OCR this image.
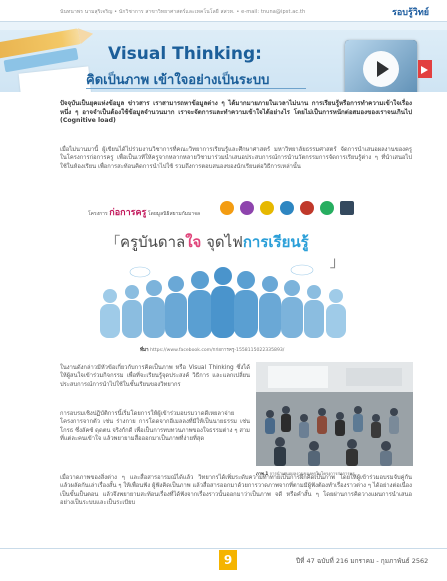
นันทนาพร นามสุริเจริญ • นักวิชาการ สาขาวิทยาศาสตร์และเทคโนโลยี สสวท. • e-mail: tnuna@ipst.ac.th	รอบรู้วิทย์
Visual Thinking:
คิดเป็นภาพ เข้าใจอย่างเป็นระบบ
ปัจจุบันเป็นยุคแห่งข้อมูล ข่าวสาร เราสามารถหาข้อมูลต่าง ๆ ได้มากมายภายในเวลาไม่นาน การเรียนรู้หรือการทำความเข้าใจเรื่องหนึ่ง ๆ อาจจำเป็นต้องใช้ข้อมูลจำนวนมาก เราจะจัดการและทำความเข้าใจได้อย่างไร โดยไม่เป็นการหนักต่อสมองของเราจนเกินไป (Cognitive load)
เมื่อไม่นานมานี้ ผู้เขียนได้ไปร่วมงานวิชาการที่คณะวิทยาการเรียนรู้และศึกษาศาสตร์ มหาวิทยาลัยธรรมศาสตร์ จัดการนำเสนอผลงานของครูในโครงการก่อการครู เพื่อเป็นเวทีให้ครูจากหลากหลายวิชามาร่วมนำเสนอประสบการณ์การนำนวัตกรรมการจัดการเรียนรู้ต่าง ๆ ที่นำเสนอไปใช้ในห้องเรียน เพื่อการสะท้อนคิดการนำไปใช้ รวมถึงการตอบสนองของนักเรียนต่อวิธีการเหล่านั้น
โครงการ ก่อการครู โดยมูลนิธิสยามกัมมาจล
「 ครูบันดาลใจ จุดไฟการเรียนรู้
」
ที่มา https://www.facebook.com/กก่อการครู-1558115022335893/
ในงานดังกล่าวมีหัวข้อเกี่ยวกับการคิดเป็นภาพ หรือ Visual Thinking ซึ่งได้ให้ผู้สนใจเข้าร่วมกิจกรรม เพื่อที่จะเรียนรู้จุดประสงค์ วิธีการ และแลกเปลี่ยนประสบการณ์การนำไปใช้ในชั้นเรียนของวิทยากร
การอบรมเชิงปฏิบัติการนี้เริ่มโดยการให้ผู้เข้าร่วมอบรมวาดดีเหยลาจ่ายโครงการจากตัว เช่น ร่างกาย การโดดจากอีเมลลงที่มีให้เป็นนายธรรม เช่น โกรธ ซึ่งลัคซ์ ดุดตน จริงกักดี เพื่อเป็นการทบทวนภาพของใจธรรมต่าง ๆ สามที่แต่ละคนเข้าใจ แล้วพยายามสื่อออกมาเป็นภาพที่ง่ายที่สุด
เมื่อวาดภาพของสิ่งต่าง ๆ และสื่อสารอารมณ์ได้แล้ว วิทยากรได้เพิ่มระดับความท้าทายเป็นการฝึกคิดเป็นภาพ โดยให้ผู้เข้าร่วมอบรมจับคู่กัน แล้วผลัดกันเล่าเรื่องสั้น ๆ ให้เพื่อนฟัง ผู้ฟังคิดเป็นภาพ แล้วสื่อสารออกมาด้วยการวาดภาพจากที่ตามมีผู้ฟังต้องทำเรื่องราวต่าง ๆ ได้อย่างต่อเนื่องเป็นขั้นเป็นตอน แล้วจึงพยายามสะท้อนเรื่องที่ได้ฟังจากเรื่องราวนั้นออกมาว่าเป็นภาพ จดี หรือคำสั้น ๆ โดยผ่านการคิดวางแผนการนำเสนออย่างเป็นระบบและเป็นระเบียบ
ภาพ 1 การนำเสนอผลงานของครูในโครงการก่อการครู
9	ปีที่ 47 ฉบับที่ 216 มกราคม - กุมภาพันธ์ 2562
